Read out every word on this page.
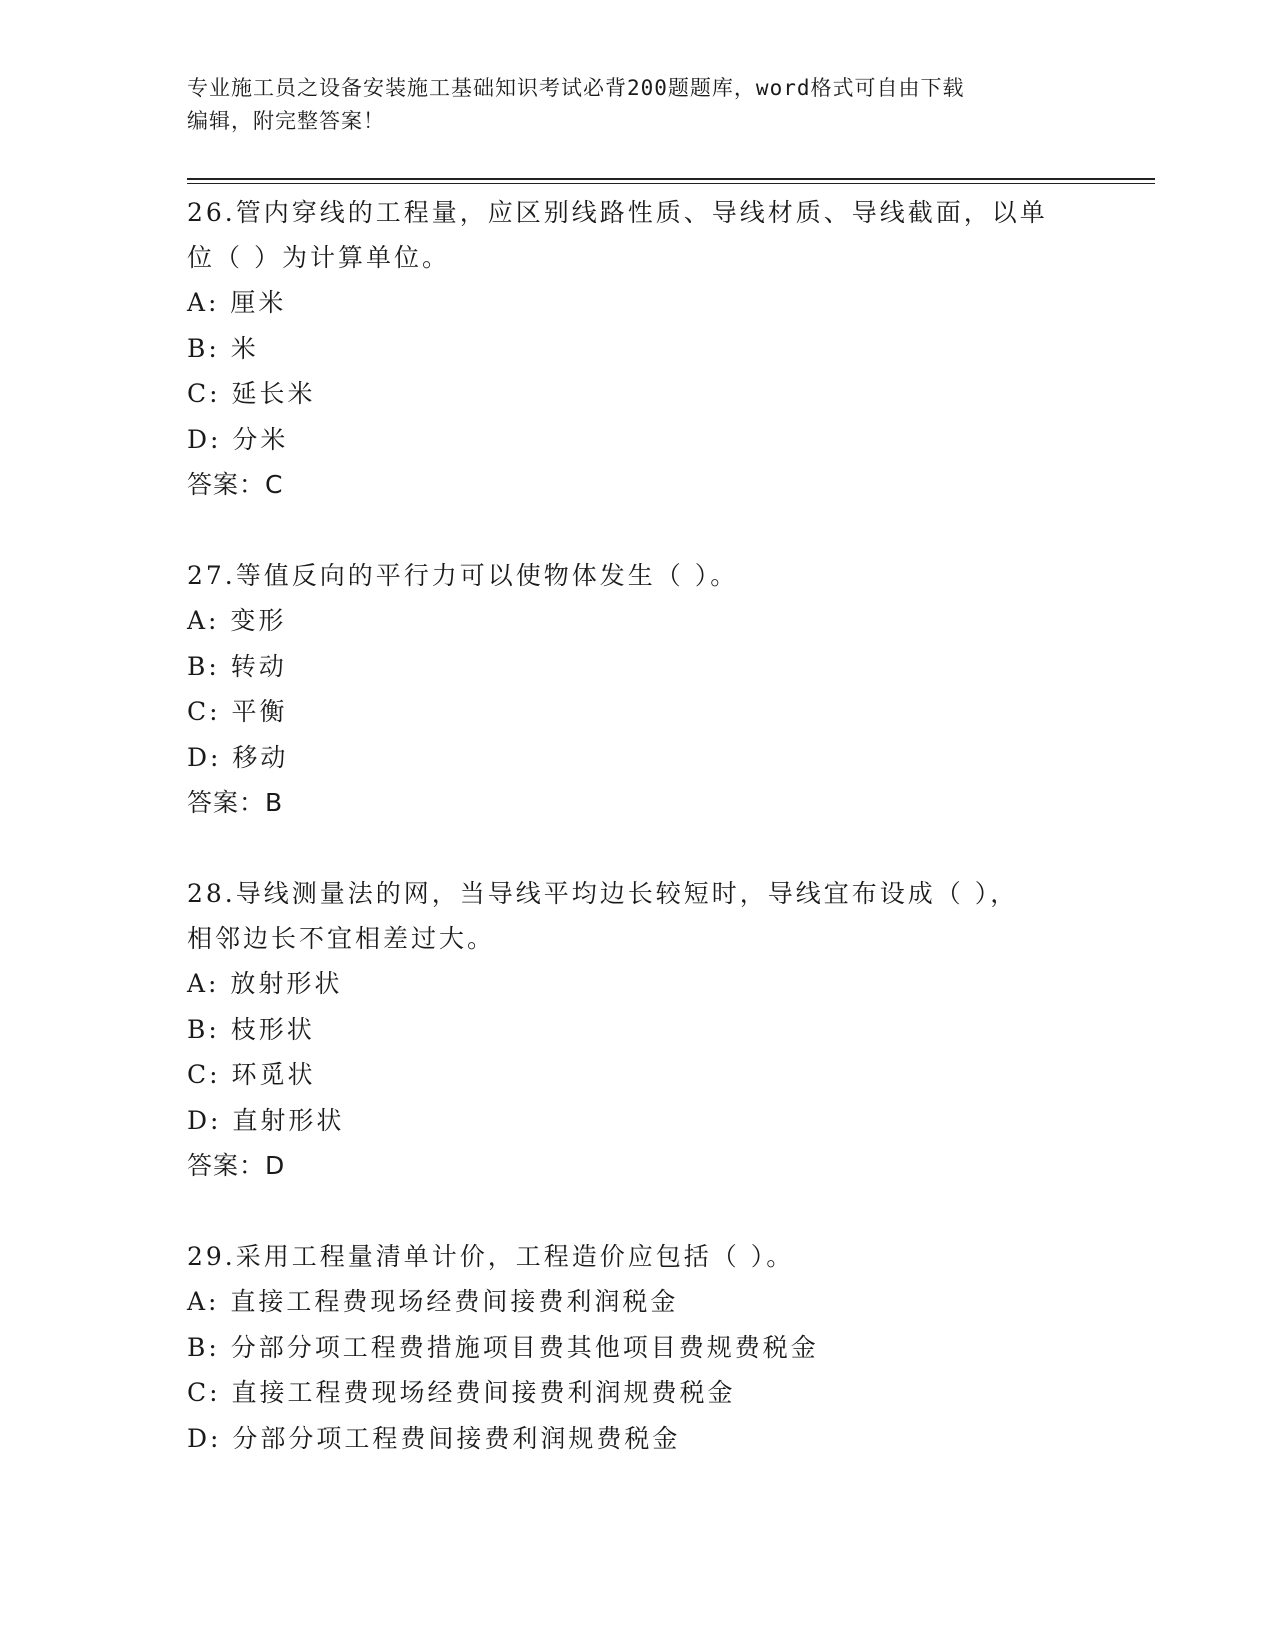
专业施工员之设备安装施工基础知识考试必背200题题库，word格式可自由下载
编辑，附完整答案！
26.管内穿线的工程量，应区别线路性质、导线材质、导线截面，以单
位（ ）为计算单位。
A: 厘米
B: 米
C: 延长米
D: 分米
答案：C
27.等值反向的平行力可以使物体发生（ ）。
A: 变形
B: 转动
C: 平衡
D: 移动
答案：B
28.导线测量法的网，当导线平均边长较短时，导线宜布设成（ ），
相邻边长不宜相差过大。
A: 放射形状
B: 枝形状
C: 环觅状
D: 直射形状
答案：D
29.采用工程量清单计价，工程造价应包括（ ）。
A: 直接工程费现场经费间接费利润税金
B: 分部分项工程费措施项目费其他项目费规费税金
C: 直接工程费现场经费间接费利润规费税金
D: 分部分项工程费间接费利润规费税金
